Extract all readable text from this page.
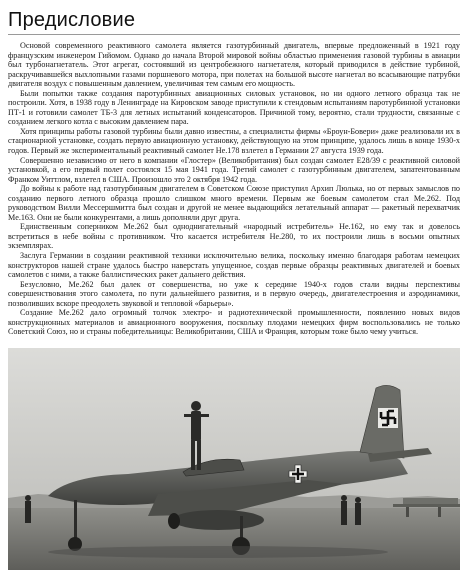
Предисловие

Основой современного реактивного самолета является газотурбинный двигатель, впервые предложенный в 1921 году французским инженером Гийомом. Однако до начала Второй мировой войны областью применения газовой турбины в авиации был турбонагнетатель. Этот агрегат, состоявший из центробежного нагнетателя, который приводился в действие турбиной, раскручивавшейся выхлопными газами поршневого мотора, при полетах на большой высоте нагнетал во всасывающие патрубки двигателя воздух с повышенным давлением, увеличивая тем самым его мощность.

Были попытки также создания паротурбинных авиационных силовых установок, но ни одного летного образца так не построили. Хотя, в 1938 году в Ленинграде на Кировском заводе приступили к стендовым испытаниям паротурбинной установки ПТ-1 и готовили самолет ТБ-3 для летных испытаний конденсаторов. Причиной тому, вероятно, стали трудности, связанные с созданием легкого котла с высоким давлением пара.

Хотя принципы работы газовой турбины были давно известны, а специалисты фирмы «Броун-Бовери» даже реализовали их в стационарной установке, создать первую авиационную установку, действующую на этом принципе, удалось лишь в конце 1930-х годов. Первый же экспериментальный реактивный самолет Не.178 взлетел в Германии 27 августа 1939 года.

Совершенно независимо от него в компании «Глостер» (Великобритания) был создан самолет Е28/39 с реактивной силовой установкой, а его первый полет состоялся 15 мая 1941 года. Третий самолет с газотурбинным двигателем, запатентованным Франком Уиттлом, взлетел в США. Произошло это 2 октября 1942 года.

До войны к работе над газотурбинным двигателем в Советском Союзе приступил Архип Люлька, но от первых замыслов по созданию первого летного образца прошло слишком много времени. Первым же боевым самолетом стал Me.262. Под руководством Вилли Мессершмитта был создан и другой не менее выдающийся летательный аппарат — ракетный перехватчик Me.163. Они не были конкурентами, а лишь дополняли друг друга.

Единственным соперником Me.262 был одноднигательный «народный истребитель» Не.162, но ему так и довелось встретиться в небе войны с противником. Что касается истребителя Не.280, то их построили лишь в восьми опытных экземплярах.

Заслуга Германии в создании реактивной техники исключительно велика, поскольку именно благодаря работам немецких конструкторов нашей стране удалось быстро наверстать упущенное, создав первые образцы реактивных двигателей и боевых самолетов с ними, а также баллистических ракет дальнего действия.

Безусловно, Me.262 был далек от совершенства, но уже к середине 1940-х годов стали видны перспективы совершенствования этого самолета, по пути дальнейшего развития, и в первую очередь, двигателестроения и аэродинамики, позволивших вскоре преодолеть звуковой и тепловой «барьеры».

Создание Me.262 дало огромный толчок электро- и радиотехнической промышленности, появлению новых видов конструкционных материалов и авиационного вооружения, поскольку плодами немецких фирм воспользовались не только Советский Союз, но и страны победительницы: Великобритании, США и Франция, которым тоже было чему учиться.
